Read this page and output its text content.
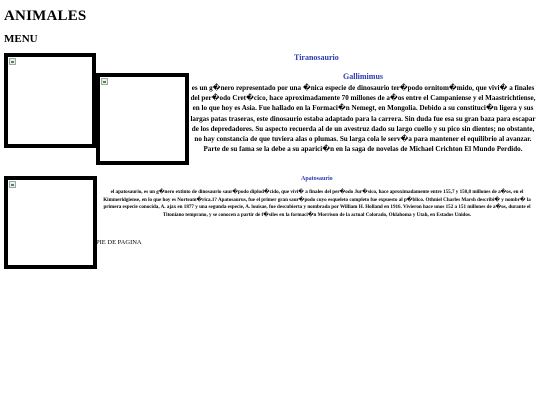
ANIMALES
MENU
Tiranosaurio
Gallimimus

es un g�nero representado por una �nica especie de dinosaurio ter�podo ornitom�mido, que vivi� a finales del per�odo Cret�cico, hace aproximadamente 70 millones de a�os entre el Campaniense y el Maastrichtiense, en lo que hoy es Asia. Fue hallado en la Formaci�n Nemegt, en Mongolia. Debido a su constituci�n ligera y sus largas patas traseras, este dinosaurio estaba adaptado para la carrera. Sin duda fue esa su gran baza para escapar de los depredadores. Su aspecto recuerda al de un avestruz dado su largo cuello y su pico sin dientes; no obstante, no hay constancia de que tuviera alas o plumas. Su larga cola le serv�a para mantener el equilibrio al avanzar. Parte de su fama se la debe a su aparici�n en la saga de novelas de Michael Crichton El Mundo Perdido.

Apatosaurio

el apatosaurio, es un g�nero extinto de dinosaurio saur�podo diplod�cido, que vivi� a finales del per�odo Jur�sico, hace aproximadamente entre 155,7 y 150,8 millones de a�os, en el Kimmeridgiense, en lo que hoy es Norteam�rica.1? Apatosaurus, fue el primer gran saur�podo cuyo esqueleto completo fue expuesto al p�blico. Othniel Charles Marsh describi� y nombr� la primera especie conocida, A. ajax en 1877 y una segunda especie, A. louisae, fue descubierta y nombrada por William H. Holland en 1916. Vivieron hace unos 152 a 151 millones de a�os, durante el Titoniano temprano, y se conocen a partir de f�siles en la formaci�n Morrison de la actual Colorado, Oklahoma y Utah, en Estados Unidos.

PIE DE PAGINA
